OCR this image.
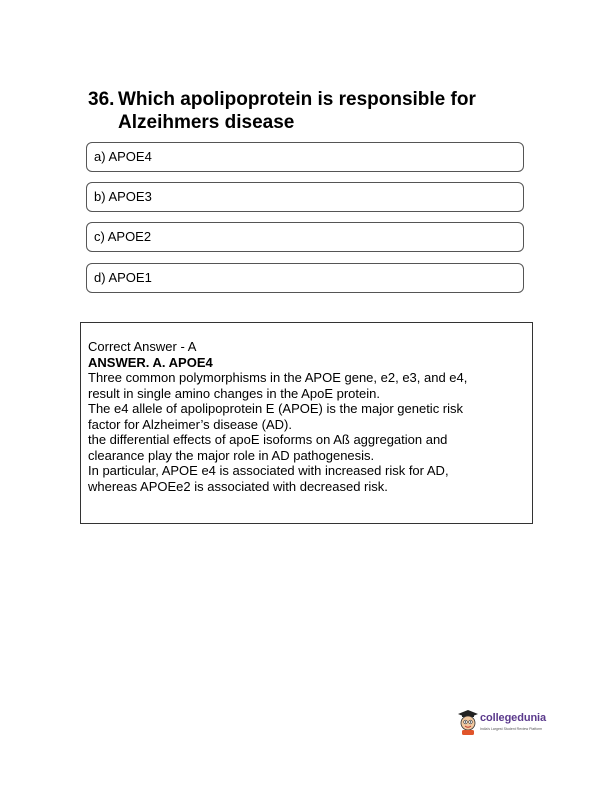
36. Which apolipoprotein is responsible for Alzeihmers disease
a) APOE4
b) APOE3
c) APOE2
d) APOE1
Correct Answer - A
ANSWER. A. APOE4
Three common polymorphisms in the APOE gene, e2, e3, and e4,
result in single amino changes in the ApoE protein.
The e4 allele of apolipoprotein E (APOE) is the major genetic risk
factor for Alzheimer’s disease (AD).
the differential effects of apoE isoforms on Aß aggregation and
clearance play the major role in AD pathogenesis.
In particular, APOE e4 is associated with increased risk for AD,
whereas APOEe2 is associated with decreased risk.
collegedunia
India's Largest Student Review Platform
